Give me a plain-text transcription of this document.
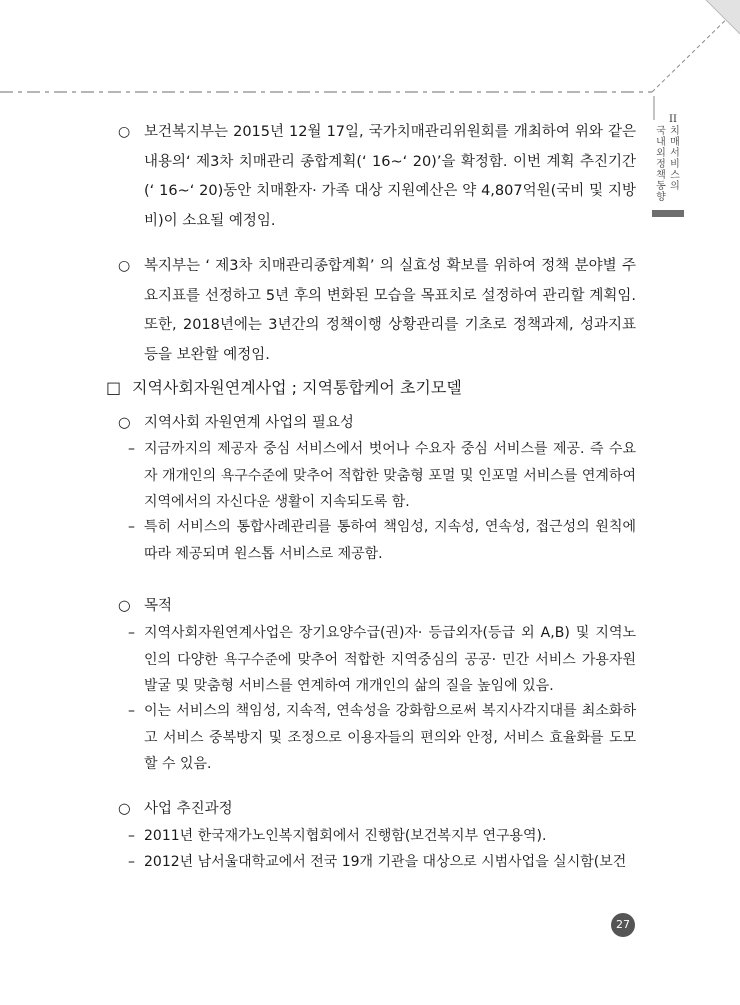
II
치매서비스의
국내외정책동향
○ 보건복지부는 2015년 12월 17일, 국가치매관리위원회를 개최하여 위와 같은 내용의‘ 제3차 치매관리 종합계획(‘ 16~‘ 20)’을 확정함. 이번 계획 추진기간(‘ 16~‘ 20)동안 치매환자· 가족 대상 지원예산은 약 4,807억원(국비 및 지방비)이 소요될 예정임.
○ 복지부는 ‘ 제3차 치매관리종합계획’ 의 실효성 확보를 위하여 정책 분야별 주요지표를 선정하고 5년 후의 변화된 모습을 목표치로 설정하여 관리할 계획임. 또한, 2018년에는 3년간의 정책이행 상황관리를 기초로 정책과제, 성과지표 등을 보완할 예정임.
□ 지역사회자원연계사업 ; 지역통합케어 초기모델
○ 지역사회 자원연계 사업의 필요성
– 지금까지의 제공자 중심 서비스에서 벗어나 수요자 중심 서비스를 제공. 즉 수요자 개개인의 욕구수준에 맞추어 적합한 맞춤형 포멀 및 인포멀 서비스를 연계하여 지역에서의 자신다운 생활이 지속되도록 함.
– 특히 서비스의 통합사례관리를 통하여 책임성, 지속성, 연속성, 접근성의 원칙에 따라 제공되며 원스톱 서비스로 제공함.
○ 목적
– 지역사회자원연계사업은 장기요양수급(권)자· 등급외자(등급 외 A,B) 및 지역노인의 다양한 욕구수준에 맞추어 적합한 지역중심의 공공· 민간 서비스 가용자원 발굴 및 맞춤형 서비스를 연계하여 개개인의 삶의 질을 높임에 있음.
– 이는 서비스의 책임성, 지속적, 연속성을 강화함으로써 복지사각지대를 최소화하고 서비스 중복방지 및 조정으로 이용자들의 편의와 안정, 서비스 효율화를 도모할 수 있음.
○ 사업 추진과정
– 2011년 한국재가노인복지협회에서 진행함(보건복지부 연구용역).
– 2012년 남서울대학교에서 전국 19개 기관을 대상으로 시범사업을 실시함(보건
27
